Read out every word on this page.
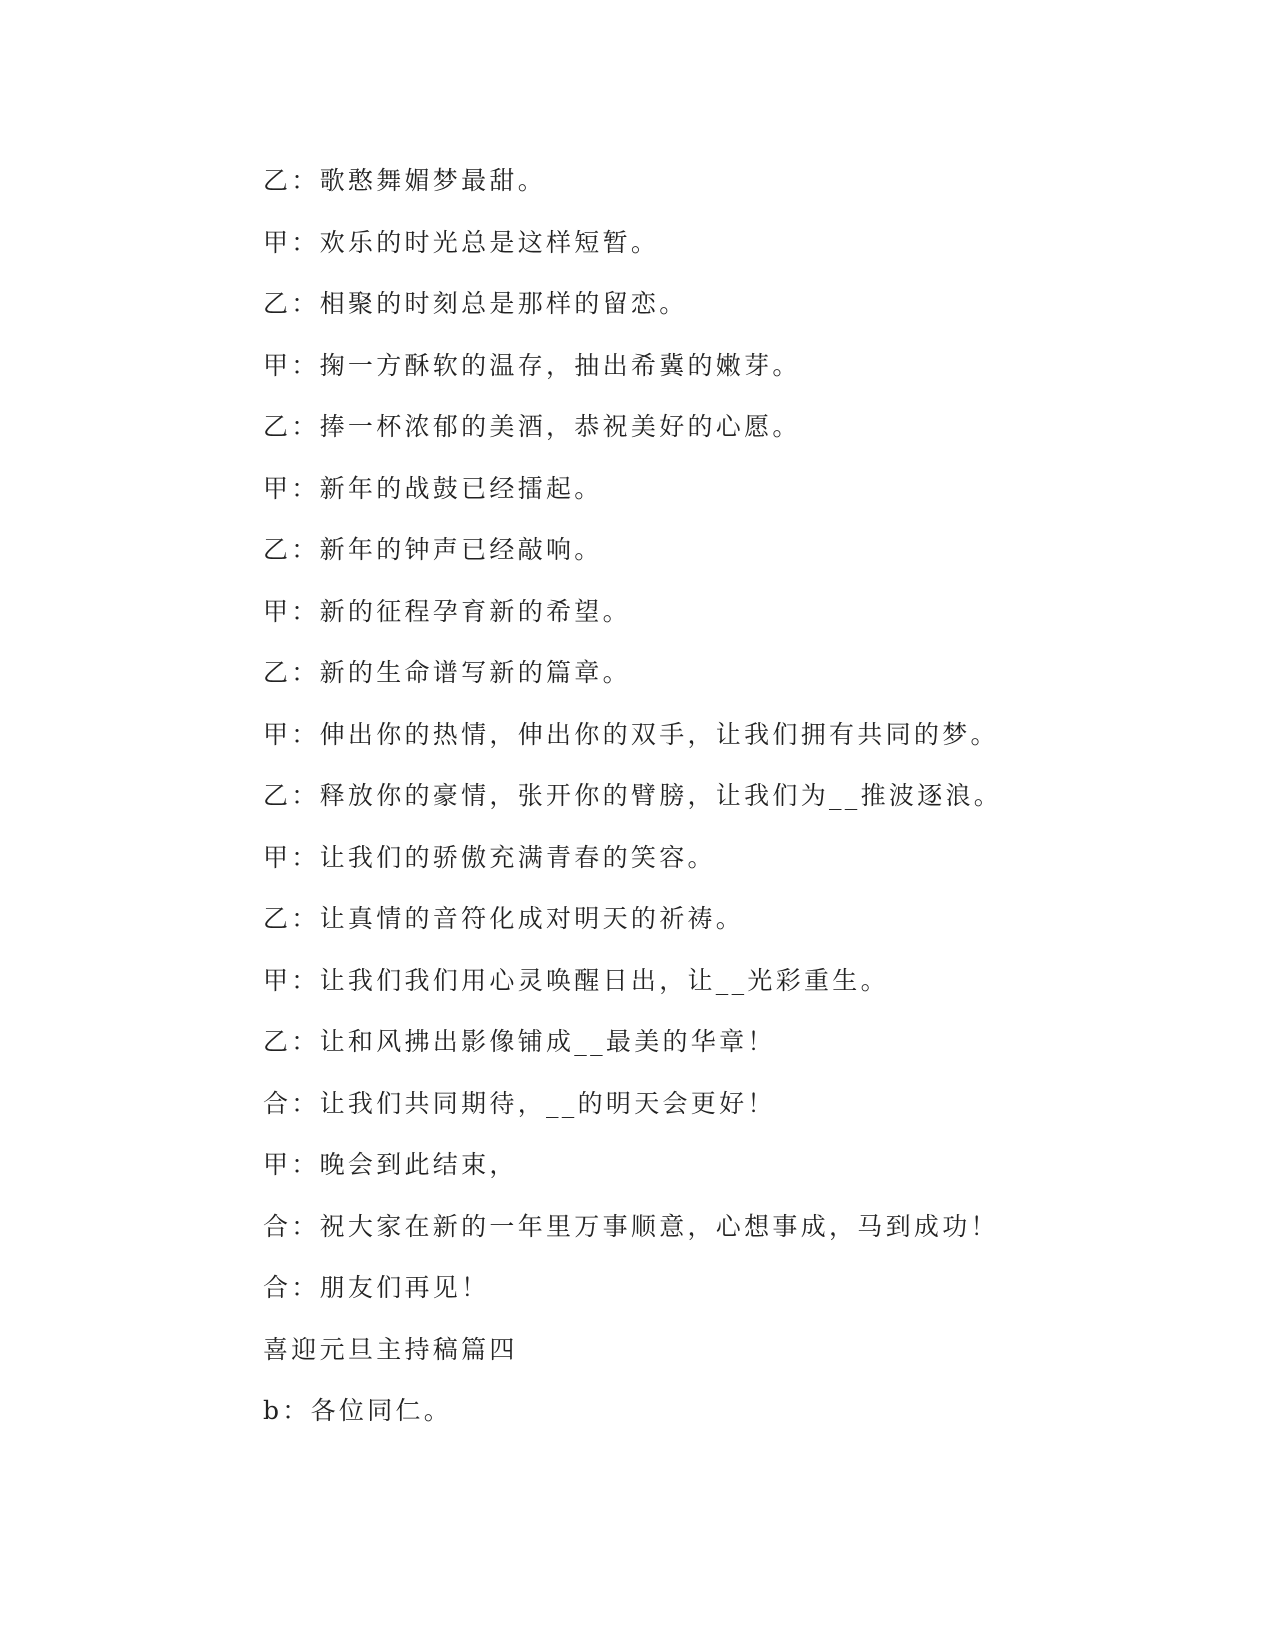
乙：歌憨舞媚梦最甜。
甲：欢乐的时光总是这样短暂。
乙：相聚的时刻总是那样的留恋。
甲：掬一方酥软的温存，抽出希冀的嫩芽。
乙：捧一杯浓郁的美酒，恭祝美好的心愿。
甲：新年的战鼓已经擂起。
乙：新年的钟声已经敲响。
甲：新的征程孕育新的希望。
乙：新的生命谱写新的篇章。
甲：伸出你的热情，伸出你的双手，让我们拥有共同的梦。
乙：释放你的豪情，张开你的臂膀，让我们为__推波逐浪。
甲：让我们的骄傲充满青春的笑容。
乙：让真情的音符化成对明天的祈祷。
甲：让我们我们用心灵唤醒日出，让__光彩重生。
乙：让和风拂出影像铺成__最美的华章！
合：让我们共同期待，__的明天会更好！
甲：晚会到此结束，
合：祝大家在新的一年里万事顺意，心想事成，马到成功！
合：朋友们再见！
喜迎元旦主持稿篇四
b：各位同仁。
